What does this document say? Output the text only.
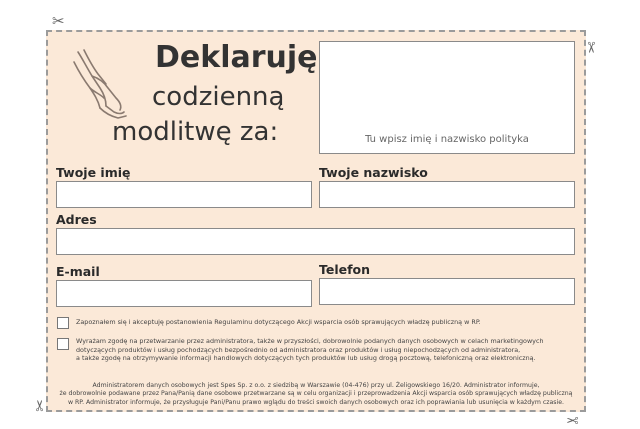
✂
✂
✂
✂
Deklaruję
codzienną
modlitwę za:	Tu wpisz imię i nazwisko polityka
Twoje imię	Twoje nazwisko
Adres
E-mail	Telefon

Zapoznałem się i akceptuję postanowienia Regulaminu dotyczącego Akcji wsparcia osób sprawujących władzę publiczną w RP.

Wyrażam zgodę na przetwarzanie przez administratora, także w przyszłości, dobrowolnie podanych danych osobowych w celach marketingowych

dotyczących produktów i usług pochodzących bezpośrednio od administratora oraz produktów i usług niepochodzących od administratora,

a także zgodę na otrzymywanie informacji handlowych dotyczących tych produktów lub usług drogą pocztową, telefoniczną oraz elektroniczną.

Administratorem danych osobowych jest Spes Sp. z o.o. z siedzibą w Warszawie (04-476) przy ul. Żeligowskiego 16/20. Administrator informuje,

że dobrowolnie podawane przez Pana/Panią dane osobowe przetwarzane są w celu organizacji i przeprowadzenia Akcji wsparcia osób sprawujących władzę publiczną

w RP. Administrator informuje, że przysługuje Pani/Panu prawo wglądu do treści swoich danych osobowych oraz ich poprawiania lub usunięcia w każdym czasie.
